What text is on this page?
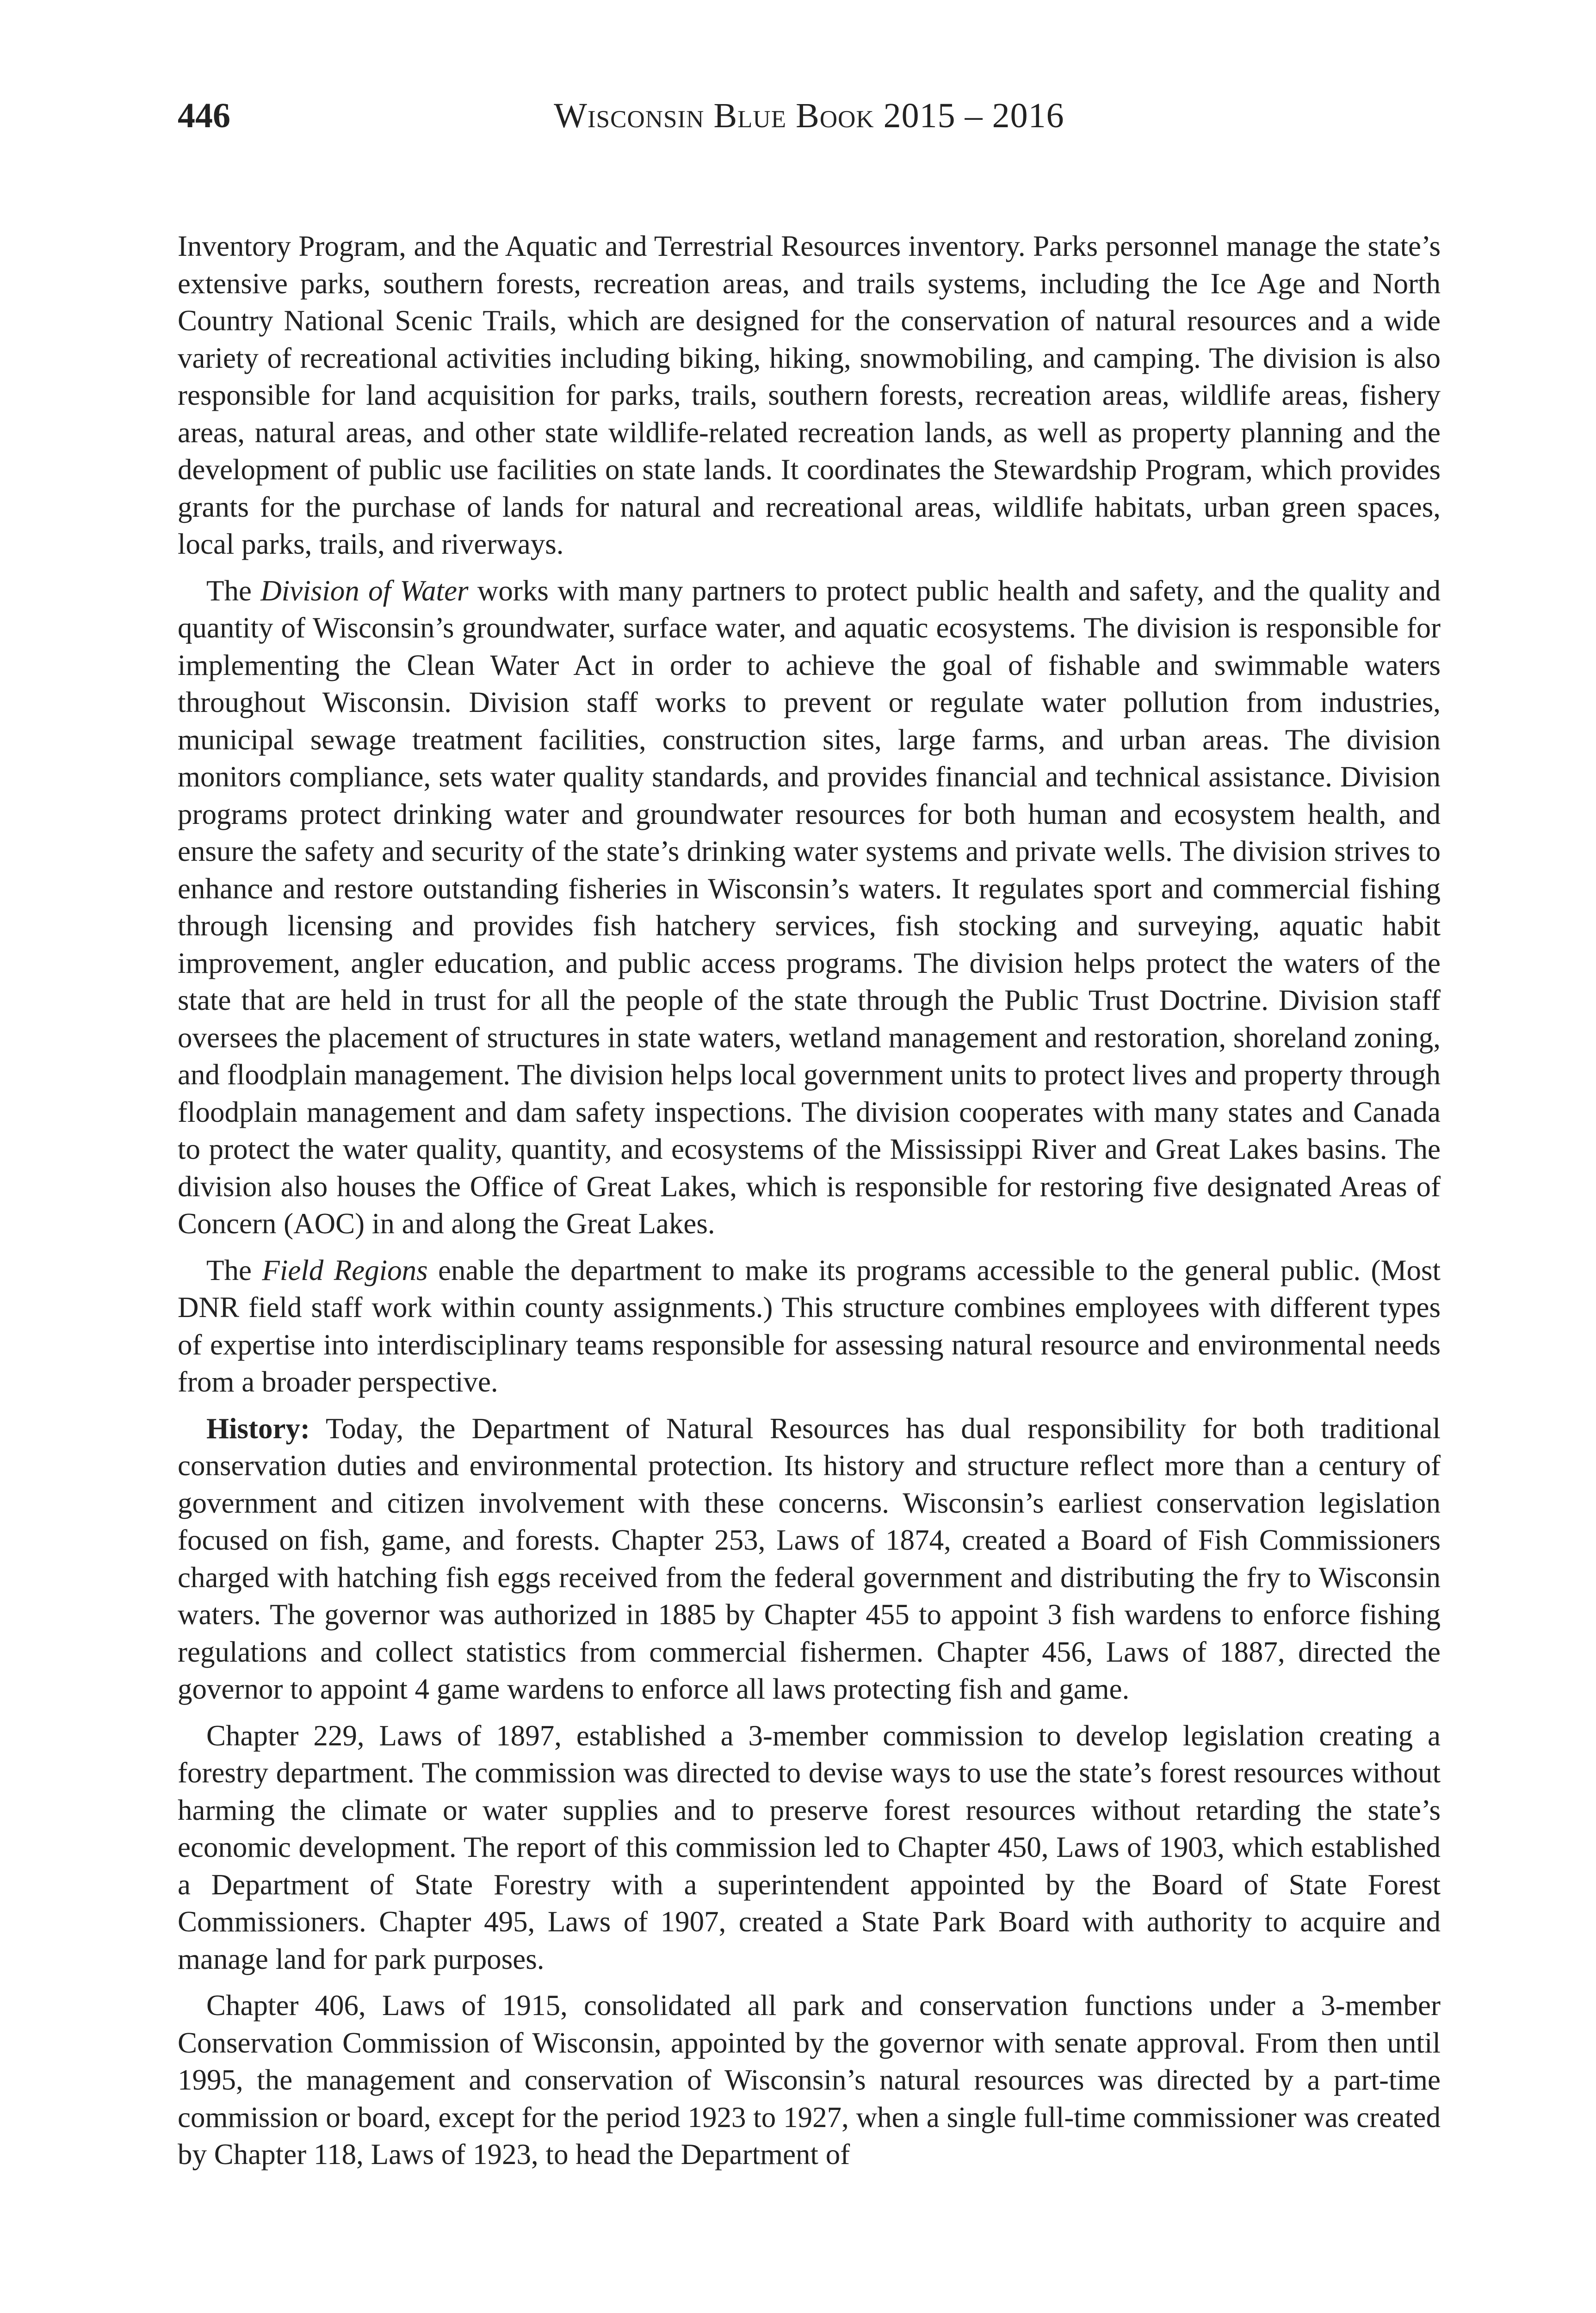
446	Wisconsin Blue Book 2015 – 2016

Inventory Program, and the Aquatic and Terrestrial Resources inventory. Parks personnel manage the state’s extensive parks, southern forests, recreation areas, and trails systems, including the Ice Age and North Country National Scenic Trails, which are designed for the conservation of natural resources and a wide variety of recreational activities including biking, hiking, snowmobiling, and camping. The division is also responsible for land acquisition for parks, trails, southern forests, recreation areas, wildlife areas, fishery areas, natural areas, and other state wildlife-related recreation lands, as well as property planning and the development of public use facilities on state lands. It coordinates the Stewardship Program, which provides grants for the purchase of lands for natural and recreational areas, wildlife habitats, urban green spaces, local parks, trails, and riverways.

The Division of Water works with many partners to protect public health and safety, and the quality and quantity of Wisconsin’s groundwater, surface water, and aquatic ecosystems. The division is responsible for implementing the Clean Water Act in order to achieve the goal of fishable and swimmable waters throughout Wisconsin. Division staff works to prevent or regulate water pollution from industries, municipal sewage treatment facilities, construction sites, large farms, and urban areas. The division monitors compliance, sets water quality standards, and provides financial and technical assistance. Division programs protect drinking water and groundwater resources for both human and ecosystem health, and ensure the safety and security of the state’s drinking water systems and private wells. The division strives to enhance and restore outstanding fisheries in Wisconsin’s waters. It regulates sport and commercial fishing through licensing and provides fish hatchery services, fish stocking and surveying, aquatic habit improvement, angler education, and public access programs. The division helps protect the waters of the state that are held in trust for all the people of the state through the Public Trust Doctrine. Division staff oversees the placement of structures in state waters, wetland management and restoration, shoreland zoning, and floodplain management. The division helps local government units to protect lives and property through floodplain management and dam safety inspections. The division cooperates with many states and Canada to protect the water quality, quantity, and ecosystems of the Mississippi River and Great Lakes basins. The division also houses the Office of Great Lakes, which is responsible for restoring five designated Areas of Concern (AOC) in and along the Great Lakes.

The Field Regions enable the department to make its programs accessible to the general public. (Most DNR field staff work within county assignments.) This structure combines employees with different types of expertise into interdisciplinary teams responsible for assessing natural resource and environmental needs from a broader perspective.

History: Today, the Department of Natural Resources has dual responsibility for both traditional conservation duties and environmental protection. Its history and structure reflect more than a century of government and citizen involvement with these concerns. Wisconsin’s earliest conservation legislation focused on fish, game, and forests. Chapter 253, Laws of 1874, created a Board of Fish Commissioners charged with hatching fish eggs received from the federal government and distributing the fry to Wisconsin waters. The governor was authorized in 1885 by Chapter 455 to appoint 3 fish wardens to enforce fishing regulations and collect statistics from commercial fishermen. Chapter 456, Laws of 1887, directed the governor to appoint 4 game wardens to enforce all laws protecting fish and game.

Chapter 229, Laws of 1897, established a 3-member commission to develop legislation creating a forestry department. The commission was directed to devise ways to use the state’s forest resources without harming the climate or water supplies and to preserve forest resources without retarding the state’s economic development. The report of this commission led to Chapter 450, Laws of 1903, which established a Department of State Forestry with a superintendent appointed by the Board of State Forest Commissioners. Chapter 495, Laws of 1907, created a State Park Board with authority to acquire and manage land for park purposes.

Chapter 406, Laws of 1915, consolidated all park and conservation functions under a 3-member Conservation Commission of Wisconsin, appointed by the governor with senate approval. From then until 1995, the management and conservation of Wisconsin’s natural resources was directed by a part-time commission or board, except for the period 1923 to 1927, when a single full-time commissioner was created by Chapter 118, Laws of 1923, to head the Department of
